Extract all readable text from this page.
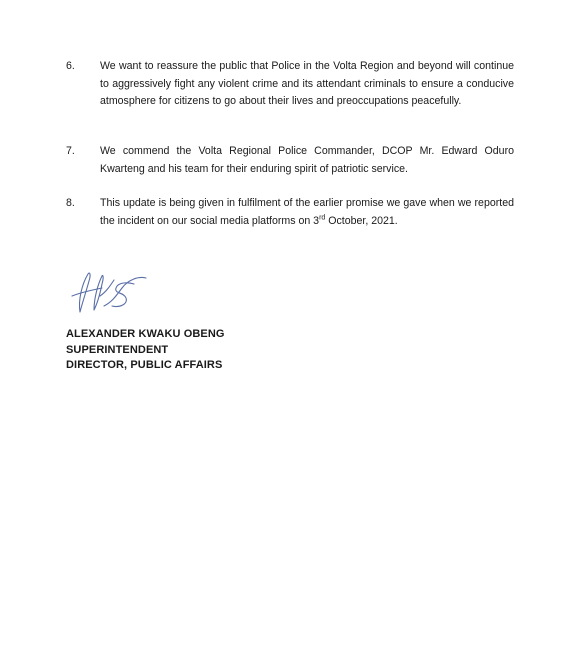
6.	We want to reassure the public that Police in the Volta Region and beyond will continue to aggressively fight any violent crime and its attendant criminals to ensure a conducive atmosphere for citizens to go about their lives and preoccupations peacefully.
7.	We commend the Volta Regional Police Commander, DCOP Mr. Edward Oduro Kwarteng and his team for their enduring spirit of patriotic service.
8.	This update is being given in fulfilment of the earlier promise we gave when we reported the incident on our social media platforms on 3rd October, 2021.
ALEXANDER KWAKU OBENG
SUPERINTENDENT
DIRECTOR, PUBLIC AFFAIRS
